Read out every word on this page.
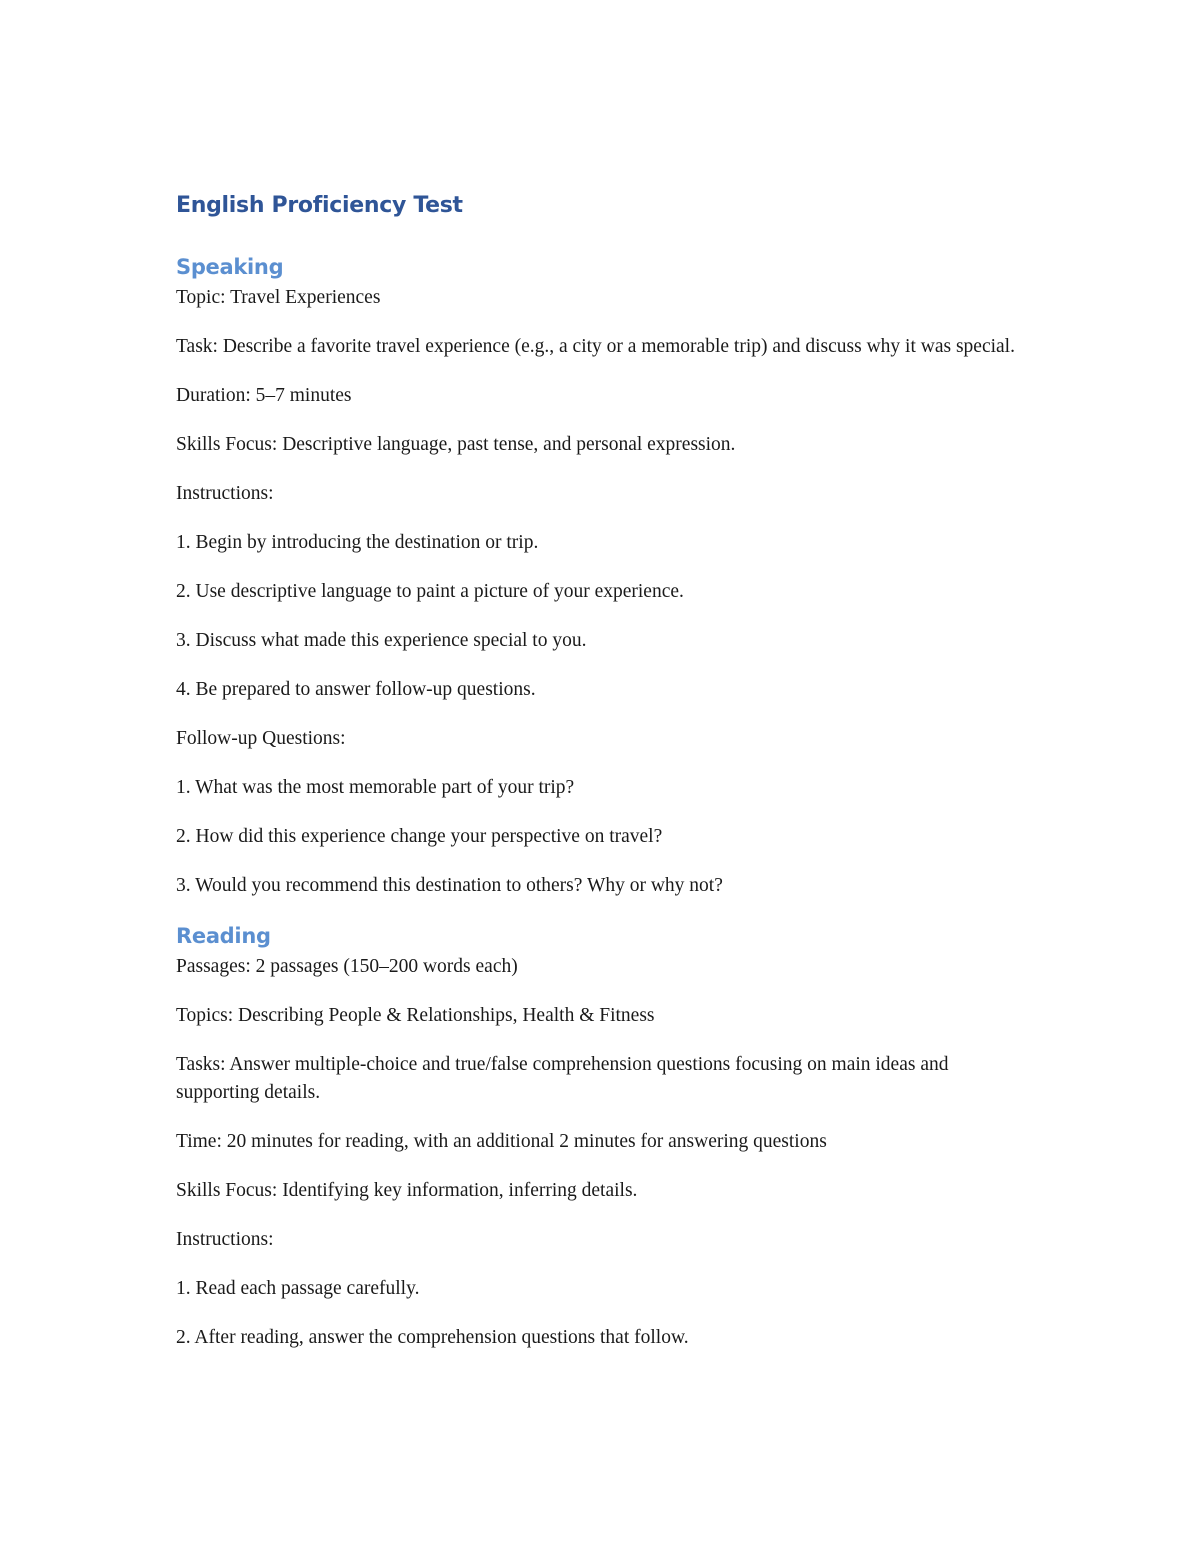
English Proficiency Test
Speaking

Topic: Travel Experiences

Task: Describe a favorite travel experience (e.g., a city or a memorable trip) and discuss why it was special.

Duration: 5–7 minutes

Skills Focus: Descriptive language, past tense, and personal expression.

Instructions:

1. Begin by introducing the destination or trip.

2. Use descriptive language to paint a picture of your experience.

3. Discuss what made this experience special to you.

4. Be prepared to answer follow-up questions.

Follow-up Questions:

1. What was the most memorable part of your trip?

2. How did this experience change your perspective on travel?

3. Would you recommend this destination to others? Why or why not?

Reading

Passages: 2 passages (150–200 words each)

Topics: Describing People & Relationships, Health & Fitness

Tasks: Answer multiple-choice and true/false comprehension questions focusing on main ideas and supporting details.

Time: 20 minutes for reading, with an additional 2 minutes for answering questions

Skills Focus: Identifying key information, inferring details.

Instructions:

1. Read each passage carefully.

2. After reading, answer the comprehension questions that follow.
